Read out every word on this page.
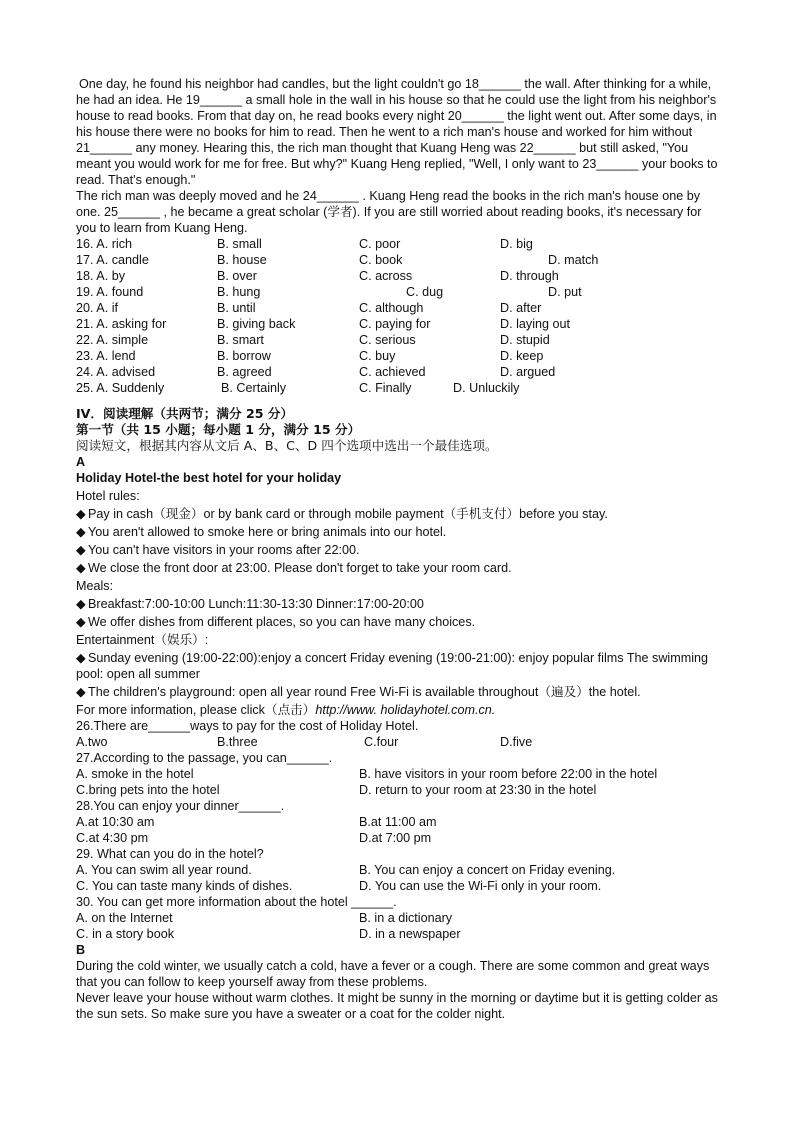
One day, he found his neighbor had candles, but the light couldn't go 18______ the wall. After thinking for a while, he had an idea. He 19______ a small hole in the wall in his house so that he could use the light from his neighbor's house to read books. From that day on, he read books every night 20______ the light went out. After some days, in his house there were no books for him to read. Then he went to a rich man's house and worked for him without 21______ any money. Hearing this, the rich man thought that Kuang Heng was 22______ but still asked, "You meant you would work for me for free. But why?" Kuang Heng replied, "Well, I only want to 23______ your books to read. That's enough."

The rich man was deeply moved and he 24______ . Kuang Heng read the books in the rich man's house one by one. 25______ , he became a great scholar (学者). If you are still worried about reading books, it's necessary for you to learn from Kuang Heng.

16. A. rich	B. small	C. poor	D. big
17. A. candle	B. house	C. book	D. match
18. A. by	B. over	C. across	D. through
19. A. found	B. hung	C. dug	D. put
20. A. if	B. until	C. although	D. after
21. A. asking for	B. giving back	C. paying for	D. laying out
22. A. simple	B. smart	C. serious	D. stupid
23. A. lend	B. borrow	C. buy	D. keep
24. A. advised	B. agreed	C. achieved	D. argued
25. A. Suddenly	B. Certainly	C. Finally	D. Unluckily

IV．阅读理解（共两节；满分 25 分）

第一节（共 15 小题；每小题 1 分，满分 15 分）

阅读短文，根据其内容从文后 A、B、C、D 四个选项中选出一个最佳选项。

A

Holiday Hotel-the best hotel for your holiday

Hotel rules:

◆ Pay in cash（现金）or by bank card or through mobile payment（手机支付）before you stay.

◆ You aren't allowed to smoke here or bring animals into our hotel.

◆ You can't have visitors in your rooms after 22:00.

◆ We close the front door at 23:00. Please don't forget to take your room card.

Meals:

◆ Breakfast:7:00-10:00 Lunch:11:30-13:30 Dinner:17:00-20:00

◆ We offer dishes from different places, so you can have many choices.

Entertainment（娱乐）:

◆ Sunday evening (19:00-22:00):enjoy a concert Friday evening (19:00-21:00): enjoy popular films The swimming pool: open all summer

◆ The children's playground: open all year round Free Wi-Fi is available throughout（遍及）the hotel.

For more information, please click（点击）http://www. holidayhotel.com.cn.

26.There are______ways to pay for the cost of Holiday Hotel.

A.two	B.three	C.four	D.five

27.According to the passage, you can______.

A. smoke in the hotel	B. have visitors in your room before 22:00 in the hotel
C.bring pets into the hotel	D. return to your room at 23:30 in the hotel

28.You can enjoy your dinner______.

A.at 10:30 am	B.at 11:00 am
C.at 4:30 pm	D.at 7:00 pm

29. What can you do in the hotel?

A. You can swim all year round.	B. You can enjoy a concert on Friday evening.
C. You can taste many kinds of dishes.	D. You can use the Wi-Fi only in your room.

30. You can get more information about the hotel ______.

A. on the Internet	B. in a dictionary
C. in a story book	D. in a newspaper

B

During the cold winter, we usually catch a cold, have a fever or a cough. There are some common and great ways that you can follow to keep yourself away from these problems.

Never leave your house without warm clothes. It might be sunny in the morning or daytime but it is getting colder as the sun sets. So make sure you have a sweater or a coat for the colder night.
